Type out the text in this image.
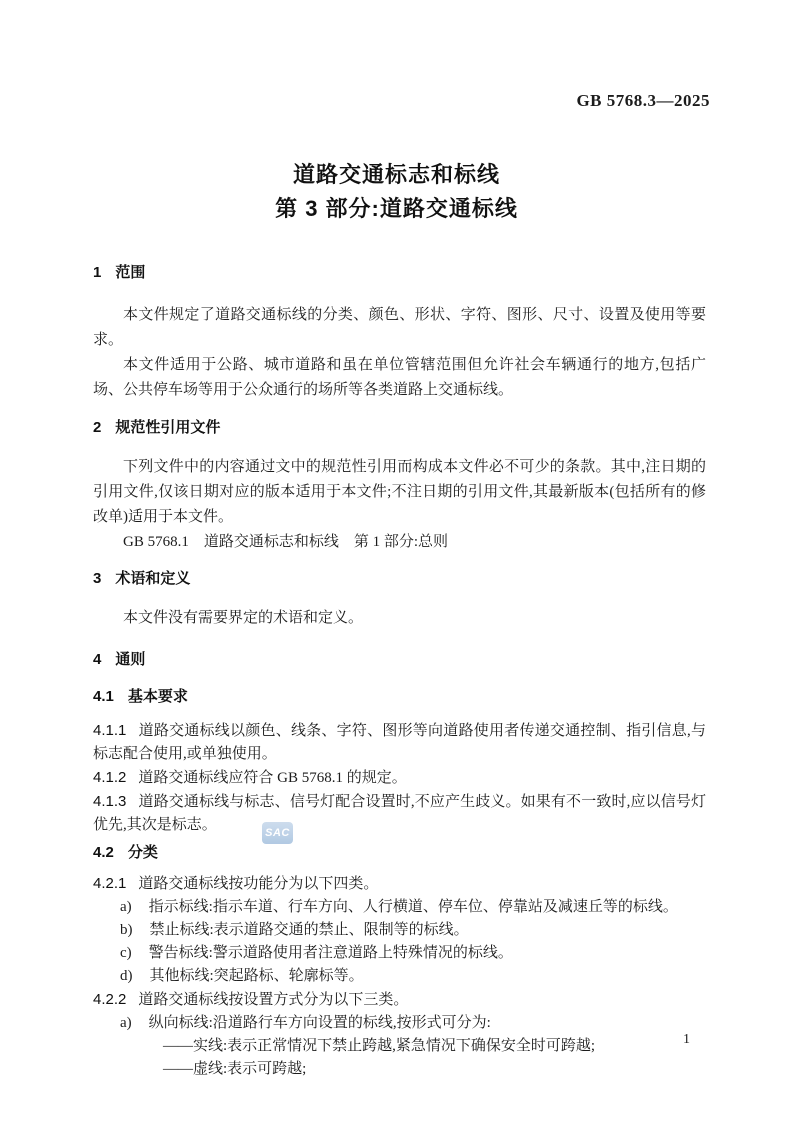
SAC
GB 5768.3—2025
道路交通标志和标线
第 3 部分:道路交通标线
1 范围

本文件规定了道路交通标线的分类、颜色、形状、字符、图形、尺寸、设置及使用等要求。

本文件适用于公路、城市道路和虽在单位管辖范围但允许社会车辆通行的地方,包括广场、公共停车场等用于公众通行的场所等各类道路上交通标线。

2 规范性引用文件

下列文件中的内容通过文中的规范性引用而构成本文件必不可少的条款。其中,注日期的引用文件,仅该日期对应的版本适用于本文件;不注日期的引用文件,其最新版本(包括所有的修改单)适用于本文件。

GB 5768.1　道路交通标志和标线　第 1 部分:总则

3 术语和定义

本文件没有需要界定的术语和定义。

4 通则
4.1 基本要求

4.1.1 道路交通标线以颜色、线条、字符、图形等向道路使用者传递交通控制、指引信息,与标志配合使用,或单独使用。

4.1.2 道路交通标线应符合 GB 5768.1 的规定。

4.1.3 道路交通标线与标志、信号灯配合设置时,不应产生歧义。如果有不一致时,应以信号灯优先,其次是标志。

4.2 分类

4.2.1 道路交通标线按功能分为以下四类。

a) 指示标线:指示车道、行车方向、人行横道、停车位、停靠站及减速丘等的标线。

b) 禁止标线:表示道路交通的禁止、限制等的标线。

c) 警告标线:警示道路使用者注意道路上特殊情况的标线。

d) 其他标线:突起路标、轮廓标等。

4.2.2 道路交通标线按设置方式分为以下三类。

a) 纵向标线:沿道路行车方向设置的标线,按形式可分为:

——实线:表示正常情况下禁止跨越,紧急情况下确保安全时可跨越;

——虚线:表示可跨越;

1
